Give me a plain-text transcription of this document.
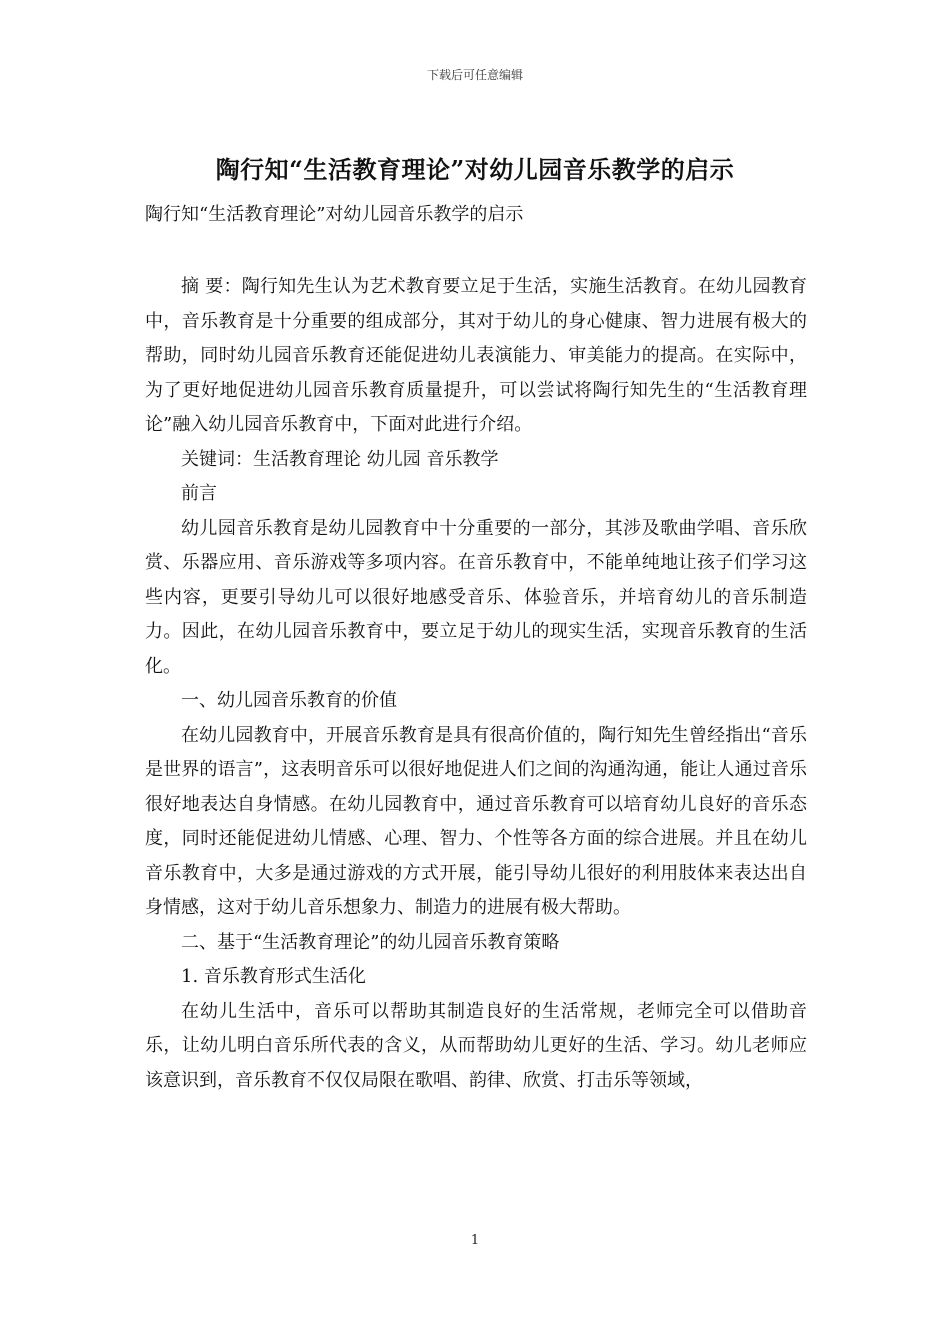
下载后可任意编辑
陶行知“生活教育理论”对幼儿园音乐教学的启示
陶行知“生活教育理论”对幼儿园音乐教学的启示

摘 要：陶行知先生认为艺术教育要立足于生活，实施生活教育。在幼儿园教育中，音乐教育是十分重要的组成部分，其对于幼儿的身心健康、智力进展有极大的帮助，同时幼儿园音乐教育还能促进幼儿表演能力、审美能力的提高。在实际中，为了更好地促进幼儿园音乐教育质量提升，可以尝试将陶行知先生的“生活教育理论”融入幼儿园音乐教育中，下面对此进行介绍。

关键词：生活教育理论 幼儿园 音乐教学

前言

幼儿园音乐教育是幼儿园教育中十分重要的一部分，其涉及歌曲学唱、音乐欣赏、乐器应用、音乐游戏等多项内容。在音乐教育中，不能单纯地让孩子们学习这些内容，更要引导幼儿可以很好地感受音乐、体验音乐，并培育幼儿的音乐制造力。因此，在幼儿园音乐教育中，要立足于幼儿的现实生活，实现音乐教育的生活化。

一、幼儿园音乐教育的价值

在幼儿园教育中，开展音乐教育是具有很高价值的，陶行知先生曾经指出“音乐是世界的语言”，这表明音乐可以很好地促进人们之间的沟通沟通，能让人通过音乐很好地表达自身情感。在幼儿园教育中，通过音乐教育可以培育幼儿良好的音乐态度，同时还能促进幼儿情感、心理、智力、个性等各方面的综合进展。并且在幼儿音乐教育中，大多是通过游戏的方式开展，能引导幼儿很好的利用肢体来表达出自身情感，这对于幼儿音乐想象力、制造力的进展有极大帮助。

二、基于“生活教育理论”的幼儿园音乐教育策略

1. 音乐教育形式生活化

在幼儿生活中，音乐可以帮助其制造良好的生活常规，老师完全可以借助音乐，让幼儿明白音乐所代表的含义，从而帮助幼儿更好的生活、学习。幼儿老师应该意识到，音乐教育不仅仅局限在歌唱、韵律、欣赏、打击乐等领域，

1
